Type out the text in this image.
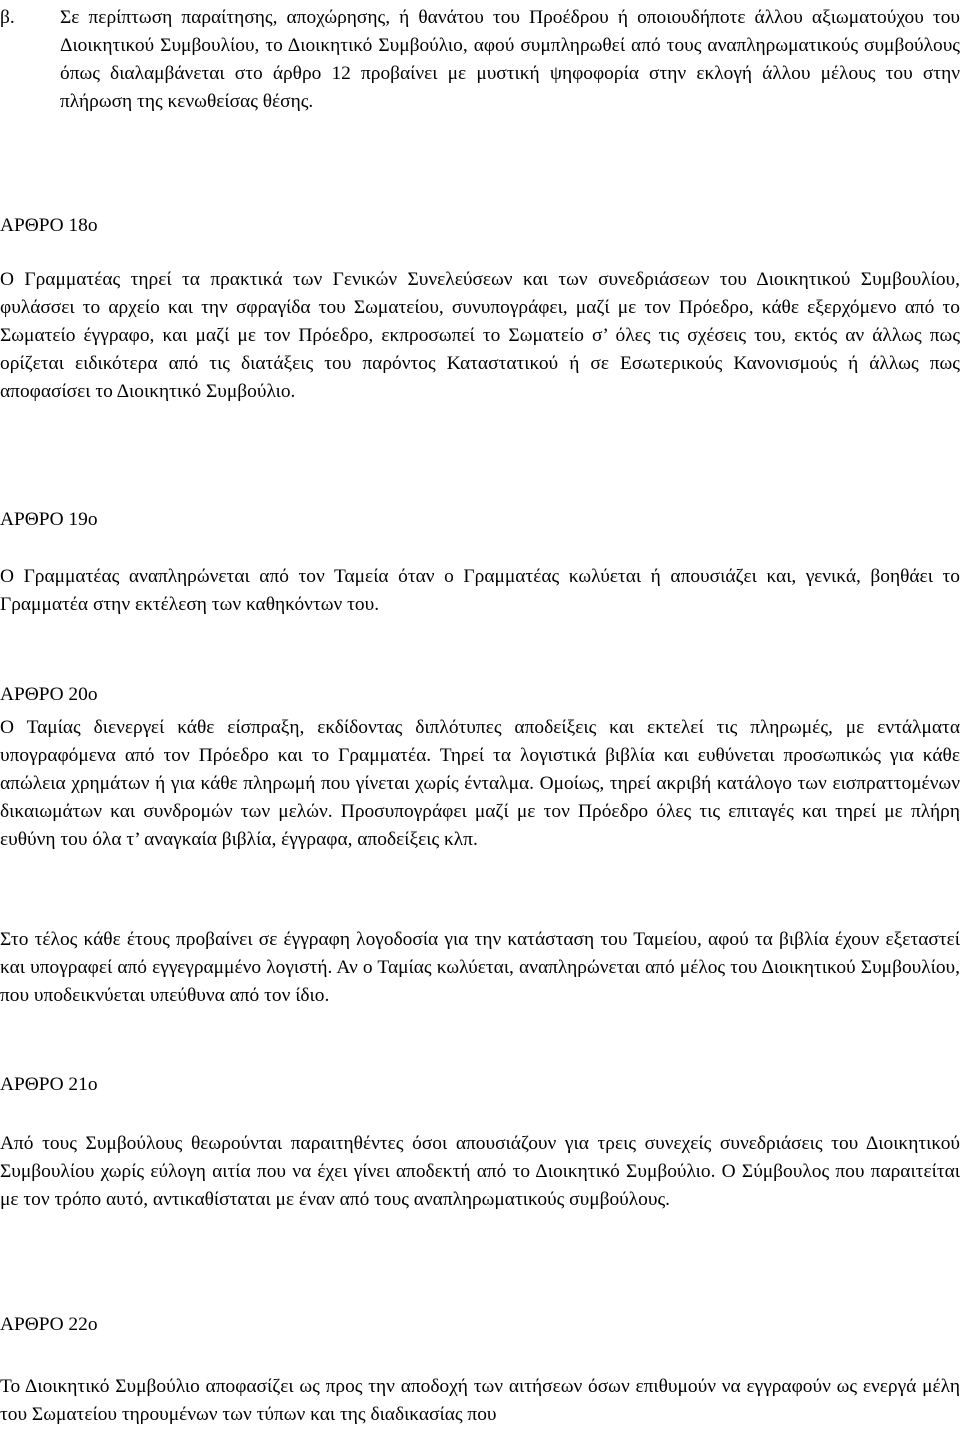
β. Σε περίπτωση παραίτησης, αποχώρησης, ή θανάτου του Προέδρου ή οποιουδήποτε άλλου αξιωματούχου του Διοικητικού Συμβουλίου, το Διοικητικό Συμβούλιο, αφού συμπληρωθεί από τους αναπληρωματικούς συμβούλους όπως διαλαμβάνεται στο άρθρο 12 προβαίνει με μυστική ψηφοφορία στην εκλογή άλλου μέλους του στην πλήρωση της κενωθείσας θέσης.
ΑΡΘΡΟ 18ο

Ο Γραμματέας τηρεί τα πρακτικά των Γενικών Συνελεύσεων και των συνεδριάσεων του Διοικητικού Συμβουλίου, φυλάσσει το αρχείο και την σφραγίδα του Σωματείου, συνυπογράφει, μαζί με τον Πρόεδρο, κάθε εξερχόμενο από το Σωματείο έγγραφο, και μαζί με τον Πρόεδρο, εκπροσωπεί το Σωματείο σ’ όλες τις σχέσεις του, εκτός αν άλλως πως ορίζεται ειδικότερα από τις διατάξεις του παρόντος Καταστατικού ή σε Εσωτερικούς Κανονισμούς ή άλλως πως αποφασίσει το Διοικητικό Συμβούλιο.

ΑΡΘΡΟ 19ο

Ο Γραμματέας αναπληρώνεται από τον Ταμεία όταν ο Γραμματέας κωλύεται ή απουσιάζει και, γενικά, βοηθάει το Γραμματέα στην εκτέλεση των καθηκόντων του.

ΑΡΘΡΟ 20ο

Ο Ταμίας διενεργεί κάθε είσπραξη, εκδίδοντας διπλότυπες αποδείξεις και εκτελεί τις πληρωμές, με εντάλματα υπογραφόμενα από τον Πρόεδρο και το Γραμματέα. Τηρεί τα λογιστικά βιβλία και ευθύνεται προσωπικώς για κάθε απώλεια χρημάτων ή για κάθε πληρωμή που γίνεται χωρίς ένταλμα. Ομοίως, τηρεί ακριβή κατάλογο των εισπραττομένων δικαιωμάτων και συνδρομών των μελών. Προσυπογράφει μαζί με τον Πρόεδρο όλες τις επιταγές και τηρεί με πλήρη ευθύνη του όλα τ’ αναγκαία βιβλία, έγγραφα, αποδείξεις κλπ.

Στο τέλος κάθε έτους προβαίνει σε έγγραφη λογοδοσία για την κατάσταση του Ταμείου, αφού τα βιβλία έχουν εξεταστεί και υπογραφεί από εγγεγραμμένο λογιστή. Αν ο Ταμίας κωλύεται, αναπληρώνεται από μέλος του Διοικητικού Συμβουλίου, που υποδεικνύεται υπεύθυνα από τον ίδιο.

ΑΡΘΡΟ 21ο

Από τους Συμβούλους θεωρούνται παραιτηθέντες όσοι απουσιάζουν για τρεις συνεχείς συνεδριάσεις του Διοικητικού Συμβουλίου χωρίς εύλογη αιτία που να έχει γίνει αποδεκτή από το Διοικητικό Συμβούλιο. Ο Σύμβουλος που παραιτείται με τον τρόπο αυτό, αντικαθίσταται με έναν από τους αναπληρωματικούς συμβούλους.

ΑΡΘΡΟ 22ο

Το Διοικητικό Συμβούλιο αποφασίζει ως προς την αποδοχή των αιτήσεων όσων επιθυμούν να εγγραφούν ως ενεργά μέλη του Σωματείου τηρουμένων των τύπων και της διαδικασίας που
